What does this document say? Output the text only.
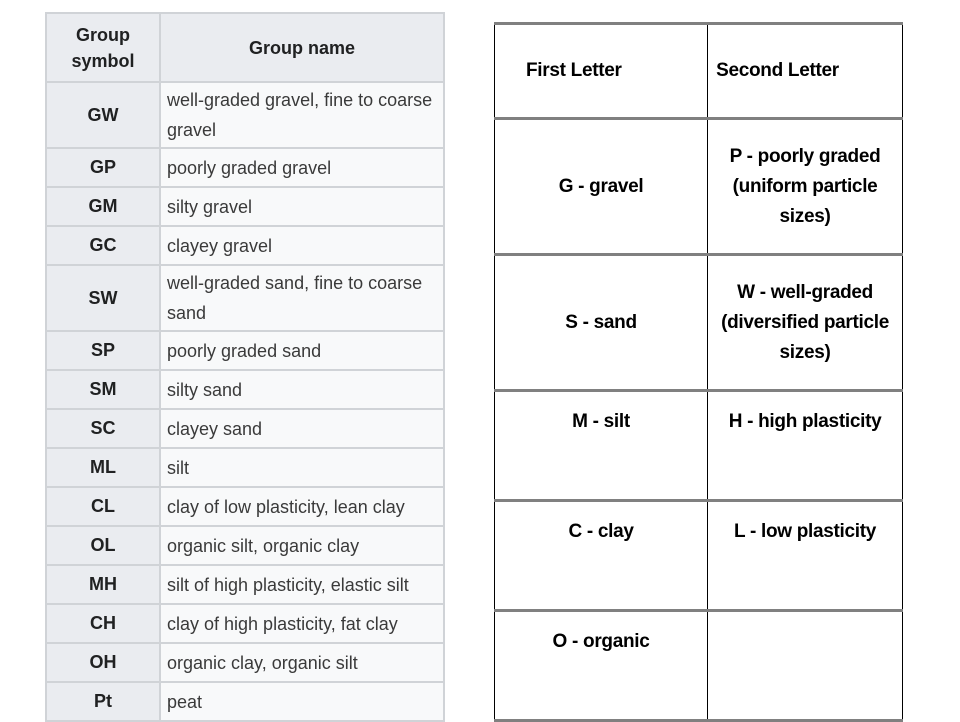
Group symbol	Group name
GW	well-graded gravel, fine to coarse gravel
GP	poorly graded gravel
GM	silty gravel
GC	clayey gravel
SW	well-graded sand, fine to coarse sand
SP	poorly graded sand
SM	silty sand
SC	clayey sand
ML	silt
CL	clay of low plasticity, lean clay
OL	organic silt, organic clay
MH	silt of high plasticity, elastic silt
CH	clay of high plasticity, fat clay
OH	organic clay, organic silt
Pt	peat
First Letter	Second Letter
G - gravel	P - poorly graded (uniform particle sizes)
S - sand	W - well-graded (diversified particle sizes)
M - silt	H - high plasticity
C - clay	L - low plasticity
O - organic	
